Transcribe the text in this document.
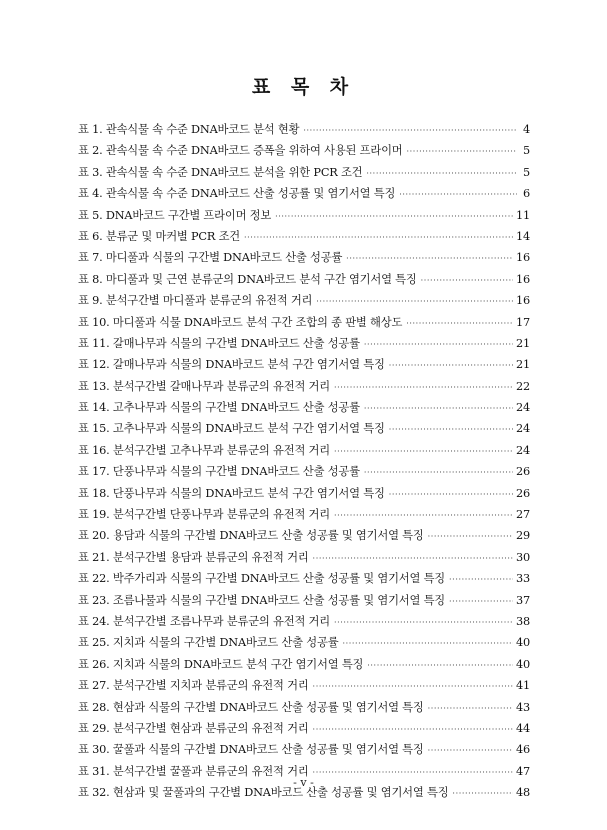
표 목 차
표 1. 관속식물 속 수준 DNA바코드 분석 현황 ·····	4
표 2. 관속식물 속 수준 DNA바코드 증폭을 위하여 사용된 프라이머 ·····	5
표 3. 관속식물 속 수준 DNA바코드 분석을 위한 PCR 조건 ·····	5
표 4. 관속식물 속 수준 DNA바코드 산출 성공률 및 염기서열 특징 ·····	6
표 5. DNA바코드 구간별 프라이머 정보 ·····	11
표 6. 분류군 및 마커별 PCR 조건 ·····	14
표 7. 마디풀과 식물의 구간별 DNA바코드 산출 성공률 ·····	16
표 8. 마디풀과 및 근연 분류군의 DNA바코드 분석 구간 염기서열 특징 ·····	16
표 9. 분석구간별 마디풀과 분류군의 유전적 거리 ·····	16
표 10. 마디풀과 식물 DNA바코드 분석 구간 조합의 종 판별 해상도 ·····	17
표 11. 갈매나무과 식물의 구간별 DNA바코드 산출 성공률 ·····	21
표 12. 갈매나무과 식물의 DNA바코드 분석 구간 염기서열 특징 ·····	21
표 13. 분석구간별 갈매나무과 분류군의 유전적 거리 ·····	22
표 14. 고추나무과 식물의 구간별 DNA바코드 산출 성공률 ·····	24
표 15. 고추나무과 식물의 DNA바코드 분석 구간 염기서열 특징 ·····	24
표 16. 분석구간별 고추나무과 분류군의 유전적 거리 ·····	24
표 17. 단풍나무과 식물의 구간별 DNA바코드 산출 성공률 ·····	26
표 18. 단풍나무과 식물의 DNA바코드 분석 구간 염기서열 특징 ·····	26
표 19. 분석구간별 단풍나무과 분류군의 유전적 거리 ·····	27
표 20. 용담과 식물의 구간별 DNA바코드 산출 성공률 및 염기서열 특징 ·····	29
표 21. 분석구간별 용담과 분류군의 유전적 거리 ·····	30
표 22. 박주가리과 식물의 구간별 DNA바코드 산출 성공률 및 염기서열 특징 ·····	33
표 23. 조름나물과 식물의 구간별 DNA바코드 산출 성공률 및 염기서열 특징 ·····	37
표 24. 분석구간별 조름나무과 분류군의 유전적 거리 ·····	38
표 25. 지치과 식물의 구간별 DNA바코드 산출 성공률 ·····	40
표 26. 지치과 식물의 DNA바코드 분석 구간 염기서열 특징 ·····	40
표 27. 분석구간별 지치과 분류군의 유전적 거리 ·····	41
표 28. 현삼과 식물의 구간별 DNA바코드 산출 성공률 및 염기서열 특징 ·····	43
표 29. 분석구간별 현삼과 분류군의 유전적 거리 ·····	44
표 30. 꿀풀과 식물의 구간별 DNA바코드 산출 성공률 및 염기서열 특징 ·····	46
표 31. 분석구간별 꿀풀과 분류군의 유전적 거리 ·····	47
표 32. 현삼과 및 꿀풀과의 구간별 DNA바코드 산출 성공률 및 염기서열 특징 ·····	48
- v -
